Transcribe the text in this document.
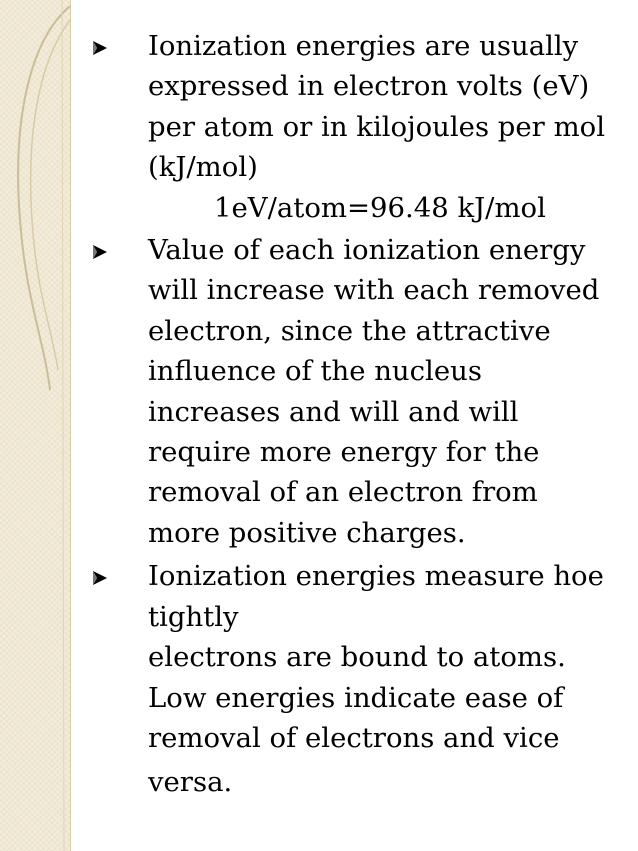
Ionization energies are usually
expressed in electron volts (eV)
per atom or in kilojoules per mol
(kJ/mol)
1eV/atom=96.48 kJ/mol
Value of each ionization energy
will increase with each removed
electron, since the attractive
influence of the nucleus
increases and will and will
require more energy for the
removal of an electron from
more positive charges.
Ionization energies measure hoe
tightly
electrons are bound to atoms.
Low energies indicate ease of
removal of electrons and vice
versa.
